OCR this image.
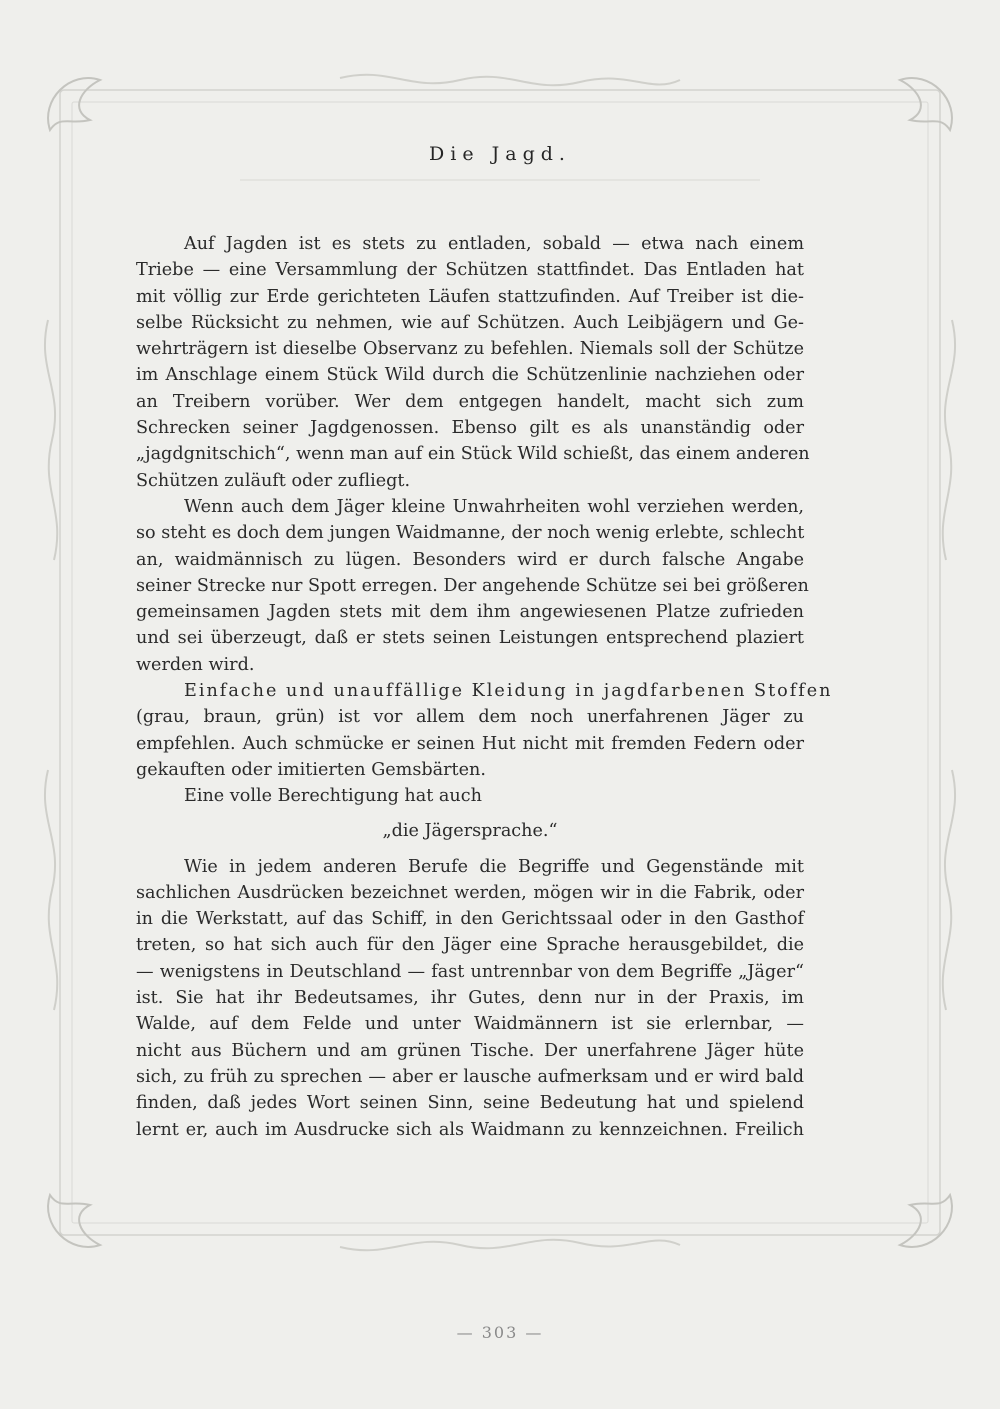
Die Jagd.
Auf Jagden ist es stets zu entladen, sobald — etwa nach einem
Triebe — eine Versammlung der Schützen stattfindet. Das Entladen hat
mit völlig zur Erde gerichteten Läufen stattzufinden. Auf Treiber ist die-
selbe Rücksicht zu nehmen, wie auf Schützen. Auch Leibjägern und Ge-
wehrträgern ist dieselbe Observanz zu befehlen. Niemals soll der Schütze
im Anschlage einem Stück Wild durch die Schützenlinie nachziehen oder
an Treibern vorüber. Wer dem entgegen handelt, macht sich zum
Schrecken seiner Jagdgenossen. Ebenso gilt es als unanständig oder
„jagdgnitschich“, wenn man auf ein Stück Wild schießt, das einem anderen
Schützen zuläuft oder zufliegt.
Wenn auch dem Jäger kleine Unwahrheiten wohl verziehen werden,
so steht es doch dem jungen Waidmanne, der noch wenig erlebte, schlecht
an, waidmännisch zu lügen. Besonders wird er durch falsche Angabe
seiner Strecke nur Spott erregen. Der angehende Schütze sei bei größeren
gemeinsamen Jagden stets mit dem ihm angewiesenen Platze zufrieden
und sei überzeugt, daß er stets seinen Leistungen entsprechend plaziert
werden wird.
Einfache und unauffällige Kleidung in jagdfarbenen Stoffen
(grau, braun, grün) ist vor allem dem noch unerfahrenen Jäger zu
empfehlen. Auch schmücke er seinen Hut nicht mit fremden Federn oder
gekauften oder imitierten Gemsbärten.
Eine volle Berechtigung hat auch
„die Jägersprache.“
Wie in jedem anderen Berufe die Begriffe und Gegenstände mit
sachlichen Ausdrücken bezeichnet werden, mögen wir in die Fabrik, oder
in die Werkstatt, auf das Schiff, in den Gerichtssaal oder in den Gasthof
treten, so hat sich auch für den Jäger eine Sprache herausgebildet, die
— wenigstens in Deutschland — fast untrennbar von dem Begriffe „Jäger“
ist. Sie hat ihr Bedeutsames, ihr Gutes, denn nur in der Praxis, im
Walde, auf dem Felde und unter Waidmännern ist sie erlernbar, —
nicht aus Büchern und am grünen Tische. Der unerfahrene Jäger hüte
sich, zu früh zu sprechen — aber er lausche aufmerksam und er wird bald
finden, daß jedes Wort seinen Sinn, seine Bedeutung hat und spielend
lernt er, auch im Ausdrucke sich als Waidmann zu kennzeichnen. Freilich
— 303 —
